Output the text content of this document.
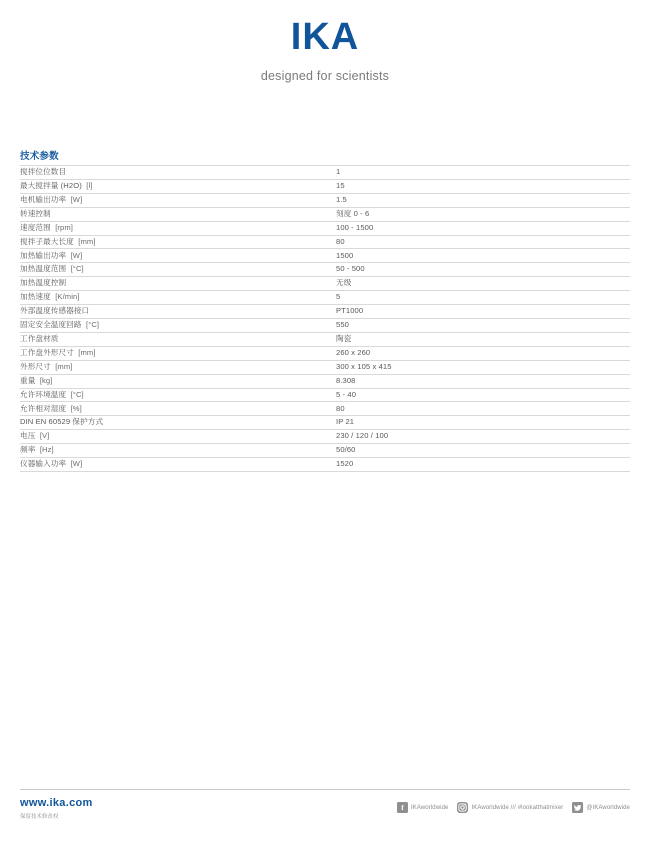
IKA
designed for scientists
技术参数
搅拌位位数目	1
最大搅拌量 (H2O) [l]	15
电机输出功率 [W]	1.5
转速控制	刻度 0 - 6
速度范围 [rpm]	100 - 1500
搅拌子最大长度 [mm]	80
加热输出功率 [W]	1500
加热温度范围 [°C]	50 - 500
加热温度控制	无级
加热速度 [K/min]	5
外部温度传感器接口	PT1000
固定安全温度回路 [°C]	550
工作盘材质	陶瓷
工作盘外形尺寸 [mm]	260 x 260
外形尺寸 [mm]	300 x 105 x 415
重量 [kg]	8.308
允许环境温度 [°C]	5 - 40
允许相对湿度 [%]	80
DIN EN 60529 保护方式	IP 21
电压 [V]	230 / 120 / 100
频率 [Hz]	50/60
仪器输入功率 [W]	1520
www.ika.com
保留技术修改权
f	IKAworldwide	IKAworldwide /// #lookatthatmixer	@IKAworldwide
